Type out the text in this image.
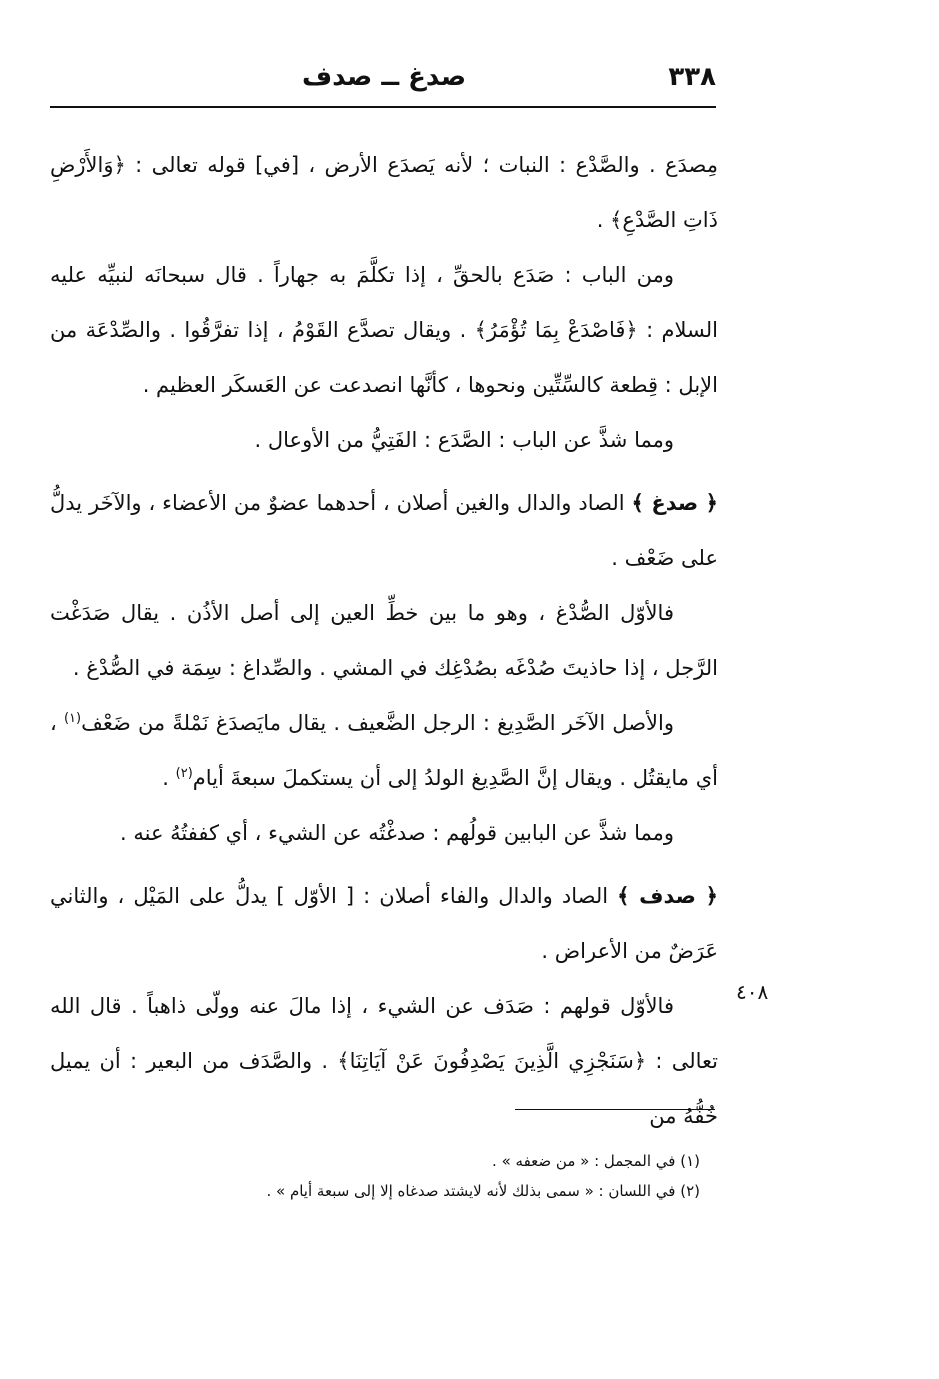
٣٣٨
صدغ ــ صدف

مِصدَع . والصَّدْع : النبات ؛ لأنه يَصدَع الأرض ، [في] قوله تعالى : ﴿وَالأَرْضِ ذَاتِ الصَّدْعِ﴾ .

ومن الباب : صَدَع بالحقِّ ، إذا تكلَّمَ به جهاراً . قال سبحانَه لنبيِّه عليه السلام : ﴿فَاصْدَعْ بِمَا تُؤْمَرُ﴾ . ويقال تصدَّع القَوْمُ ، إذا تفرَّقُوا . والصِّدْعَة من الإبل : قِطعة كالسِّتِّين ونحوها ، كأنَّها انصدعت عن العَسكَر العظيم .

ومما شذَّ عن الباب : الصَّدَع : الفَتِيُّ من الأوعال .

﴿ صدغ ﴾ الصاد والدال والغين أصلان ، أحدهما عضوٌ من الأعضاء ، والآخَر يدلُّ على ضَعْف .

فالأوّل الصُّدْغ ، وهو ما بين خطِّ العين إلى أصل الأذُن . يقال صَدَغْت الرَّجل ، إذا حاذيتَ صُدْغَه بصُدْغِك في المشي . والصِّداغ : سِمَة في الصُّدْغ .

والأصل الآخَر الصَّدِيغ : الرجل الضَّعيف . يقال مايَصدَغ نَمْلةً من ضَعْف$^{(١)}$ ، أي مايقتُل . ويقال إنَّ الصَّدِيغ الولدُ إلى أن يستكملَ سبعةَ أيام$^{(٢)}$ .

ومما شذَّ عن البابين قولُهم : صدغْتُه عن الشيء ، أي كففتُهُ عنه .

﴿ صدف ﴾ الصاد والدال والفاء أصلان : [ الأوّل ] يدلُّ على المَيْل ، والثاني عَرَضٌ من الأعراض .

فالأوّل قولهم : صَدَف عن الشيء ، إذا مالَ عنه وولّى ذاهباً . قال الله تعالى : ﴿سَنَجْزِي الَّذِينَ يَصْدِفُونَ عَنْ آيَاتِنَا﴾ . والصَّدَف من البعير : أن يميل خُفُّهُ من

٤٠٨

(١) في المجمل : « من ضعفه » .

(٢) في اللسان : « سمى بذلك لأنه لايشتد صدغاه إلا إلى سبعة أيام » .
